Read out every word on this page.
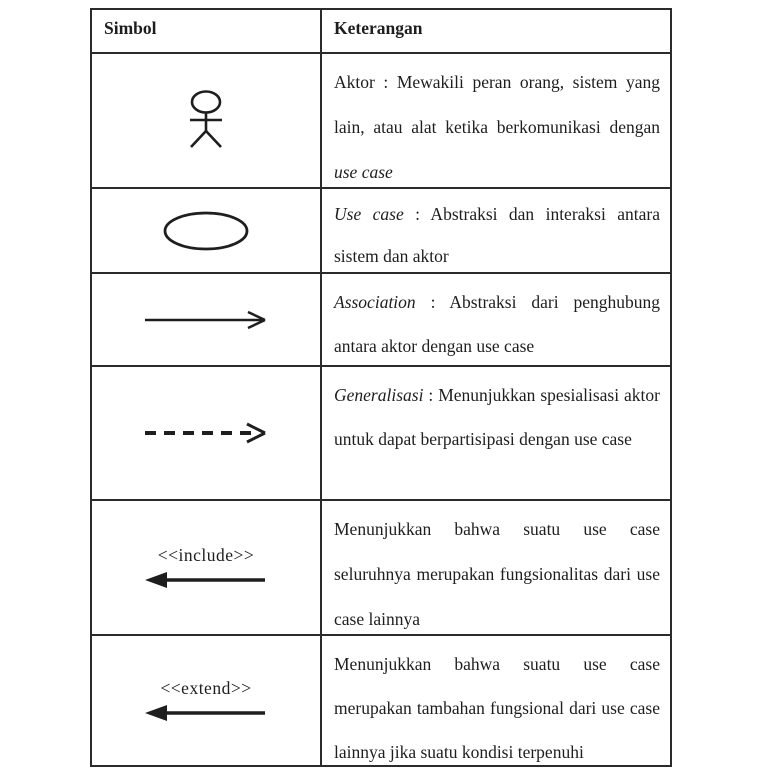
Simbol	Keterangan
Aktor : Mewakili peran orang, sistem yang lain, atau alat ketika berkomunikasi dengan use case
Use case : Abstraksi dan interaksi antara sistem dan aktor
Association : Abstraksi dari penghubung antara aktor dengan use case
Generalisasi : Menunjukkan spesialisasi aktor untuk dapat berpartisipasi dengan use case
<<include>>
Menunjukkan bahwa suatu use case seluruhnya merupakan fungsionalitas dari use case lainnya
<<extend>>
Menunjukkan bahwa suatu use case merupakan tambahan fungsional dari use case lainnya jika suatu kondisi terpenuhi
